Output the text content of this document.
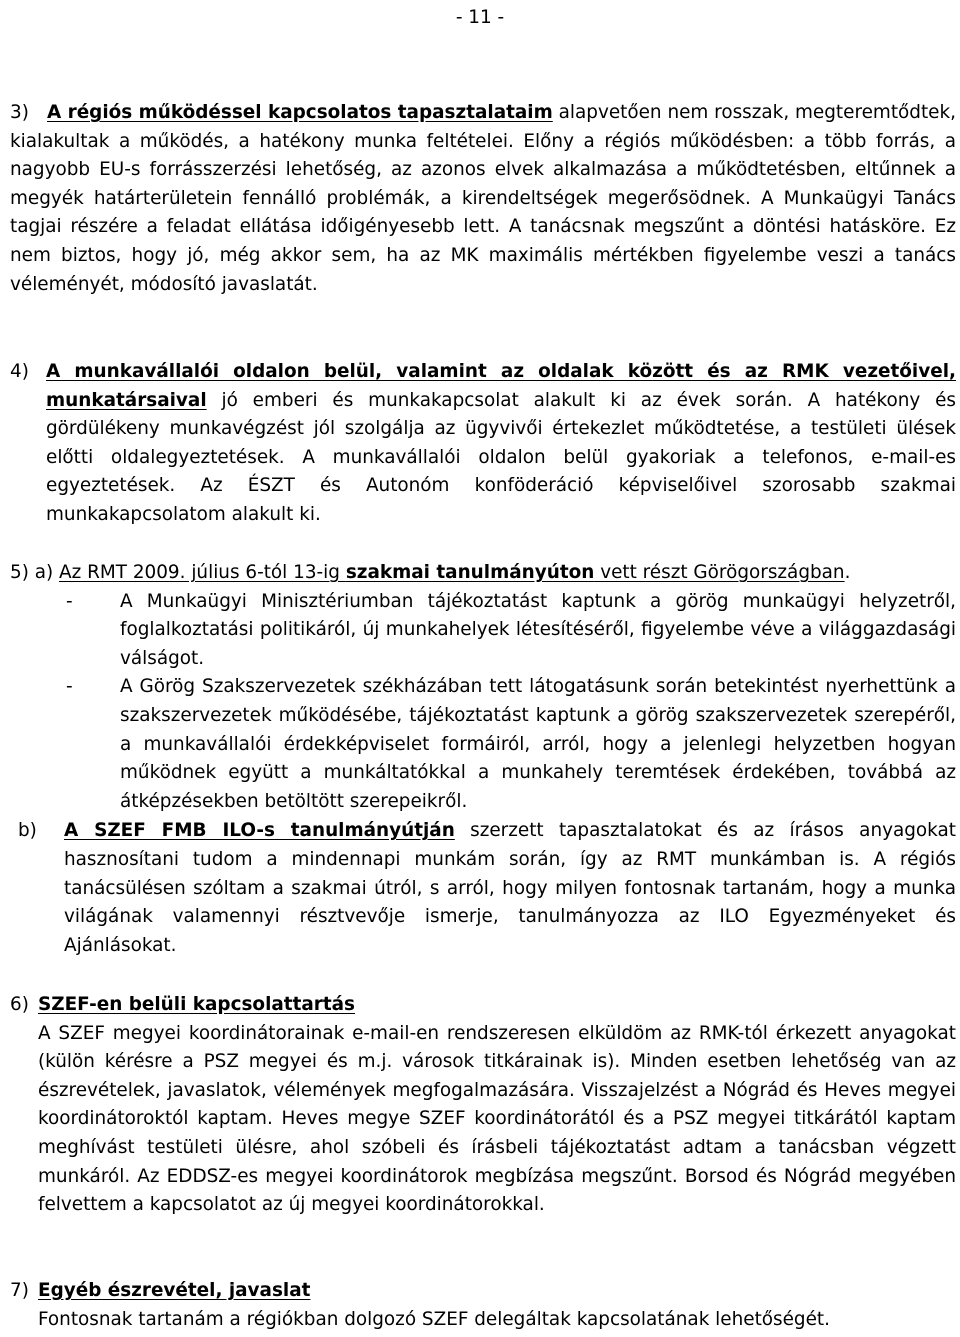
- 11 -

3) A régiós működéssel kapcsolatos tapasztalataim alapvetően nem rosszak, megteremtődtek, kialakultak a működés, a hatékony munka feltételei. Előny a régiós működésben: a több forrás, a nagyobb EU-s forrásszerzési lehetőség, az azonos elvek alkalmazása a működtetésben, eltűnnek a megyék határterületein fennálló problémák, a kirendeltségek megerősödnek. A Munkaügyi Tanács tagjai részére a feladat ellátása időigényesebb lett. A tanácsnak megszűnt a döntési hatásköre. Ez nem biztos, hogy jó, még akkor sem, ha az MK maximális mértékben figyelembe veszi a tanács véleményét, módosító javaslatát.

4) A munkavállalói oldalon belül, valamint az oldalak között és az RMK vezetőivel, munkatársaival jó emberi és munkakapcsolat alakult ki az évek során. A hatékony és gördülékeny munkavégzést jól szolgálja az ügyvivői értekezlet működtetése, a testületi ülések előtti oldalegyeztetések. A munkavállalói oldalon belül gyakoriak a telefonos, e-mail-es egyeztetések. Az ÉSZT és Autonóm konföderáció képviselőivel szorosabb szakmai munkakapcsolatom alakult ki.

5) a) Az RMT 2009. július 6-tól 13-ig szakmai tanulmányúton vett részt Görögországban.

-	A Munkaügyi Minisztériumban tájékoztatást kaptunk a görög munkaügyi helyzetről, foglalkoztatási politikáról, új munkahelyek létesítéséről, figyelembe véve a világgazdasági válságot.
-	A Görög Szakszervezetek székházában tett látogatásunk során betekintést nyerhettünk a szakszervezetek működésébe, tájékoztatást kaptunk a görög szakszervezetek szerepéről, a munkavállalói érdekképviselet formáiról, arról, hogy a jelenlegi helyzetben hogyan működnek együtt a munkáltatókkal a munkahely teremtések érdekében, továbbá az átképzésekben betöltött szerepeikről.
b)	A SZEF FMB ILO-s tanulmányútján szerzett tapasztalatokat és az írásos anyagokat hasznosítani tudom a mindennapi munkám során, így az RMT munkámban is. A régiós tanácsülésen szóltam a szakmai útról, s arról, hogy milyen fontosnak tartanám, hogy a munka világának valamennyi résztvevője ismerje, tanulmányozza az ILO Egyezményeket és Ajánlásokat.

6)SZEF-en belüli kapcsolattartás

A SZEF megyei koordinátorainak e-mail-en rendszeresen elküldöm az RMK-tól érkezett anyagokat (külön kérésre a PSZ megyei és m.j. városok titkárainak is). Minden esetben lehetőség van az észrevételek, javaslatok, vélemények megfogalmazására. Visszajelzést a Nógrád és Heves megyei koordinátoroktól kaptam. Heves megye SZEF koordinátorától és a PSZ megyei titkárától kaptam meghívást testületi ülésre, ahol szóbeli és írásbeli tájékoztatást adtam a tanácsban végzett munkáról. Az EDDSZ-es megyei koordinátorok megbízása megszűnt. Borsod és Nógrád megyében felvettem a kapcsolatot az új megyei koordinátorokkal.

7)Egyéb észrevétel, javaslat

Fontosnak tartanám a régiókban dolgozó SZEF delegáltak kapcsolatának lehetőségét.
